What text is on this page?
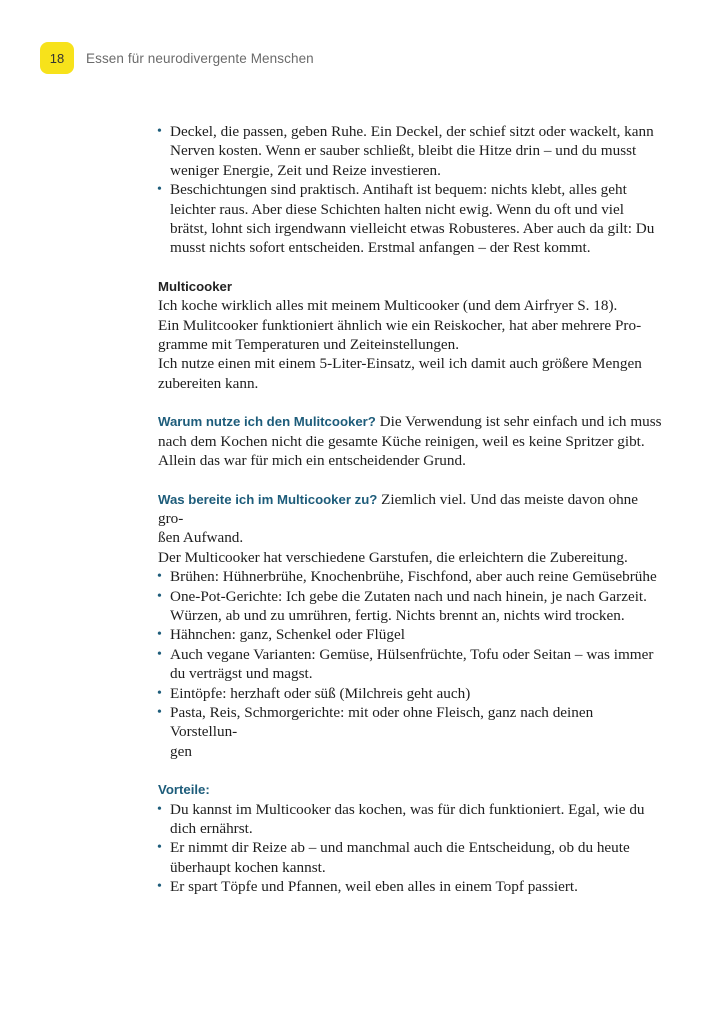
18	Essen für neurodivergente Menschen
• Deckel, die passen, geben Ruhe. Ein Deckel, der schief sitzt oder wackelt, kann
Nerven kosten. Wenn er sauber schließt, bleibt die Hitze drin – und du musst
weniger Energie, Zeit und Reize investieren.
• Beschichtungen sind praktisch. Antihaft ist bequem: nichts klebt, alles geht
leichter raus. Aber diese Schichten halten nicht ewig. Wenn du oft und viel
brätst, lohnt sich irgendwann vielleicht etwas Robusteres. Aber auch da gilt: Du
musst nichts sofort entscheiden. Erstmal anfangen – der Rest kommt.

Multicooker
Ich koche wirklich alles mit meinem Multicooker (und dem Airfryer S. 18).
Ein Mulitcooker funktioniert ähnlich wie ein Reiskocher, hat aber mehrere Pro-
gramme mit Temperaturen und Zeiteinstellungen.
Ich nutze einen mit einem 5-Liter-Einsatz, weil ich damit auch größere Mengen
zubereiten kann.

Warum nutze ich den Mulitcooker? Die Verwendung ist sehr einfach und ich muss
nach dem Kochen nicht die gesamte Küche reinigen, weil es keine Spritzer gibt.
Allein das war für mich ein entscheidender Grund.

Was bereite ich im Multicooker zu? Ziemlich viel. Und das meiste davon ohne gro-
ßen Aufwand.
Der Multicooker hat verschiedene Garstufen, die erleichtern die Zubereitung.

• Brühen: Hühnerbrühe, Knochenbrühe, Fischfond, aber auch reine Gemüsebrühe
• One-Pot-Gerichte: Ich gebe die Zutaten nach und nach hinein, je nach Garzeit.
Würzen, ab und zu umrühren, fertig. Nichts brennt an, nichts wird trocken.
• Hähnchen: ganz, Schenkel oder Flügel
• Auch vegane Varianten: Gemüse, Hülsenfrüchte, Tofu oder Seitan – was immer
du verträgst und magst.
• Eintöpfe: herzhaft oder süß (Milchreis geht auch)
• Pasta, Reis, Schmorgerichte: mit oder ohne Fleisch, ganz nach deinen Vorstellun-
gen

Vorteile:

• Du kannst im Multicooker das kochen, was für dich funktioniert. Egal, wie du
dich ernährst.
• Er nimmt dir Reize ab – und manchmal auch die Entscheidung, ob du heute
überhaupt kochen kannst.
• Er spart Töpfe und Pfannen, weil eben alles in einem Topf passiert.
